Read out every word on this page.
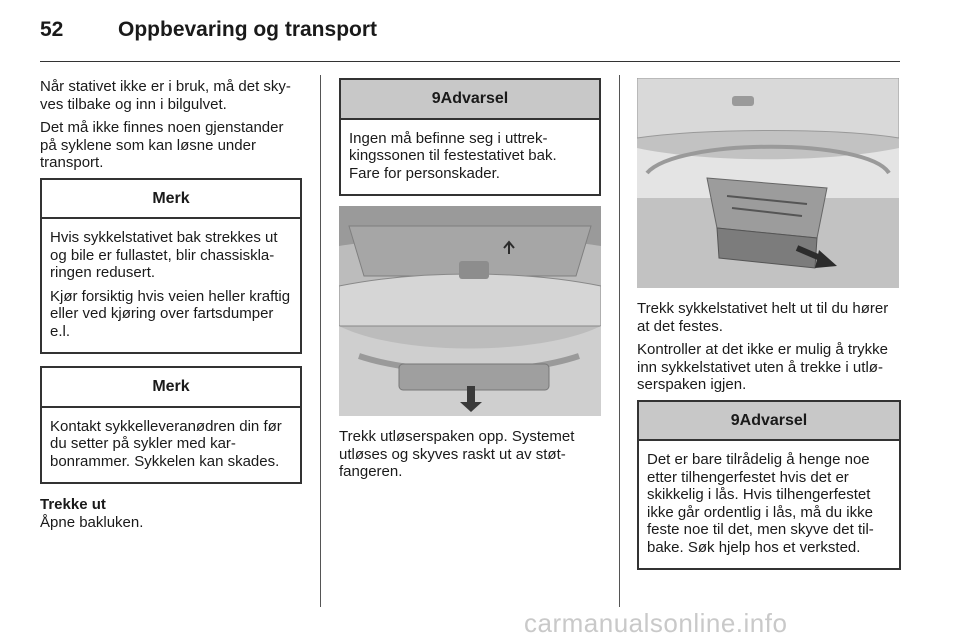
52	Oppbevaring og transport

Når stativet ikke er i bruk, må det skyves tilbake og inn i bilgulvet.

Det må ikke finnes noen gjenstander på syklene som kan løsne under transport.

Merk

Hvis sykkelstativet bak strekkes ut og bile er fullastet, blir chassisklaringen redusert.

Kjør forsiktig hvis veien heller kraftig eller ved kjøring over fartsdumper e.l.

Merk

Kontakt sykkelleveranødren din før du setter på sykler med karbonrammer. Sykkelen kan skades.

Trekke ut

Åpne bakluken.

9Advarsel

Ingen må befinne seg i uttrekkingssonen til festestativet bak. Fare for personskader.

Trekk utløserspaken opp. Systemet utløses og skyves raskt ut av støtfangeren.

Trekk sykkelstativet helt ut til du hører at det festes.

Kontroller at det ikke er mulig å trykke inn sykkelstativet uten å trekke i utløserspaken igjen.

9Advarsel

Det er bare tilrådelig å henge noe etter tilhengerfestet hvis det er skikkelig i lås. Hvis tilhengerfestet ikke går ordentlig i lås, må du ikke feste noe til det, men skyve det tilbake. Søk hjelp hos et verksted.

carmanualsonline.info
